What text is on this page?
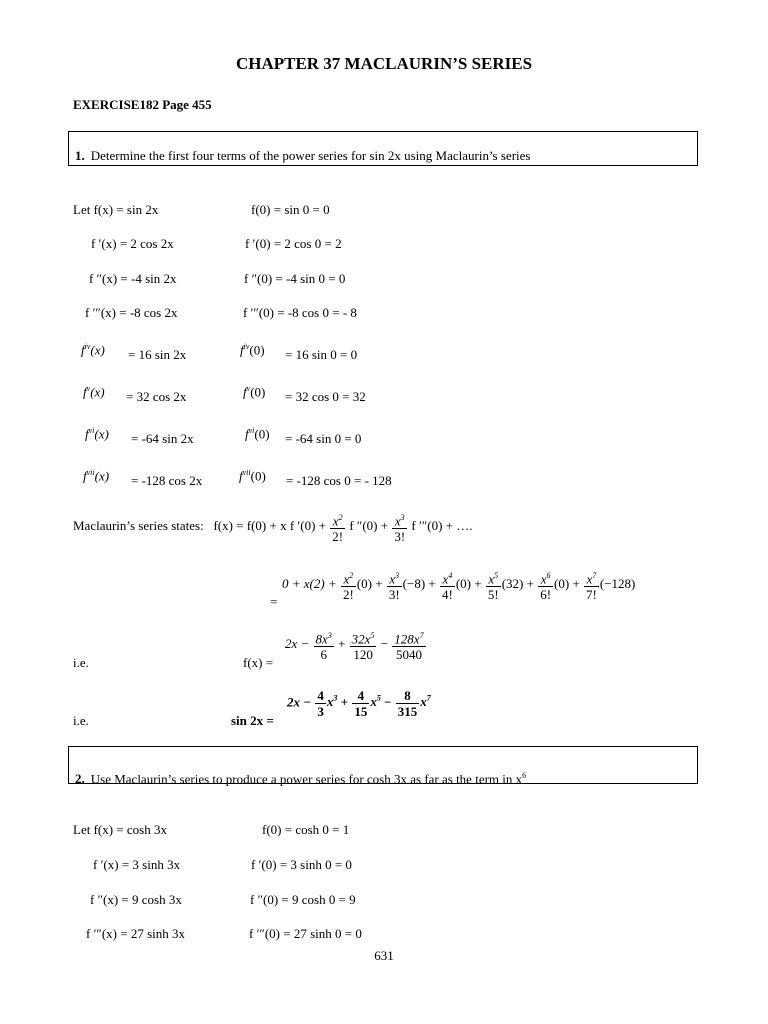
CHAPTER 37 MACLAURIN’S SERIES
EXERCISE182 Page 455
1. Determine the first four terms of the power series for sin 2x using Maclaurin’s series
Let f(x) = sin 2x	f(0) = sin 0 = 0
f ′(x) = 2 cos 2x	f ′(0) = 2 cos 0 = 2
f ″(x) = -4 sin 2x	f ″(0) = -4 sin 0 = 0
f ′″(x) = -8 cos 2x	f ′″(0) = -8 cos 0 = - 8
$f^{iv}(x) = 16$ sin 2x	$f^{iv}(0) = 16$ sin 0 = 0
$f^v(x) = 32$ cos 2x	$f^v(0) = 32$ cos 0 = 32
$f^{vi}(x) = -64$ sin 2x	$f^{vi}(0) = -64$ sin 0 = 0
$f^{vii}(x) = -128$ cos 2x	$f^{vii}(0) = -128$ cos 0 = - 128
Maclaurin’s series states: f(x) = f(0) + x f $'(0) + \frac{x^2}{2!}$ f $''(0) + \frac{x^3}{3!}$ f ′″(0) + ….
=
$0 + x(2) + \frac{x^2}{2!} (0) + \frac{x^3}{3!} (-8) + \frac{x^4}{4!} (0) + \frac{x^5}{5!} (32) + \frac{x^6}{6!} (0) + \frac{x^7}{7!} (-128)$
i.e.	f(x) =
$2x - \frac{8x^3}{6} + \frac{32x^5}{120} - \frac{128x^7}{5040}$
i.e.	sin 2x =
$2x - \frac{4}{3} x^3 + \frac{4}{15} x^5 - \frac{8}{315} x^7$
2. Use Maclaurin’s series to produce a power series for cosh 3x as far as the term in $x^6$
Let f(x) = cosh 3x	f(0) = cosh 0 = 1
f ′(x) = 3 sinh 3x	f ′(0) = 3 sinh 0 = 0
f ″(x) = 9 cosh 3x	f ″(0) = 9 cosh 0 = 9
f ′″(x) = 27 sinh 3x	f ′″(0) = 27 sinh 0 = 0
631
